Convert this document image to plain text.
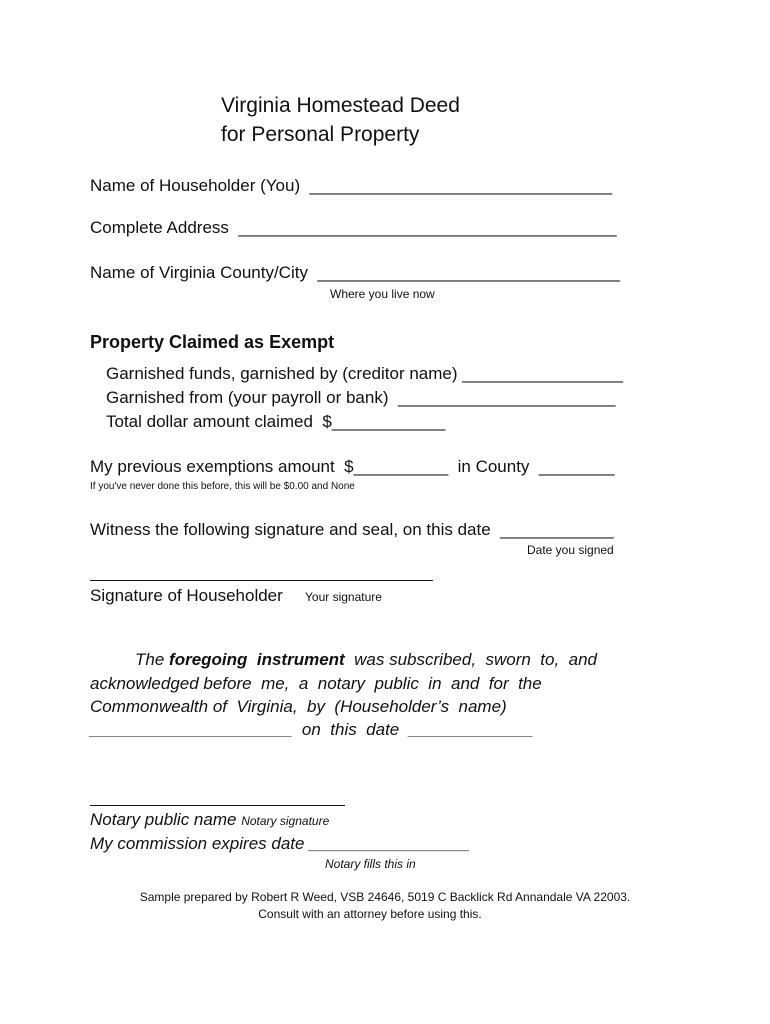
Virginia Homestead Deed
for Personal Property
Name of Householder (You)  ________________________________
Complete Address  ________________________________________
Name of Virginia County/City  ________________________________
Where you live now
Property Claimed as Exempt
Garnished funds, garnished by (creditor name) _________________
Garnished from (your payroll or bank)  _______________________
Total dollar amount claimed  $____________
My previous exemptions amount  $__________  in County  ________
If you've never done this before, this will be $0.00 and None
Witness the following signature and seal, on this date  ____________
Date you signed
Signature of Householder Your signature
The foregoing  instrument  was subscribed,  sworn  to,  and
acknowledged before  me,  a  notary  public  in  and  for  the
Commonwealth of  Virginia,  by  (Householder’s  name)
__________________________ on  this  date ________________
Notary public name Notary signature
My commission expires date _________________
Notary fills this in
Sample prepared by Robert R Weed, VSB 24646, 5019 C Backlick Rd Annandale VA 22003.
Consult with an attorney before using this.
